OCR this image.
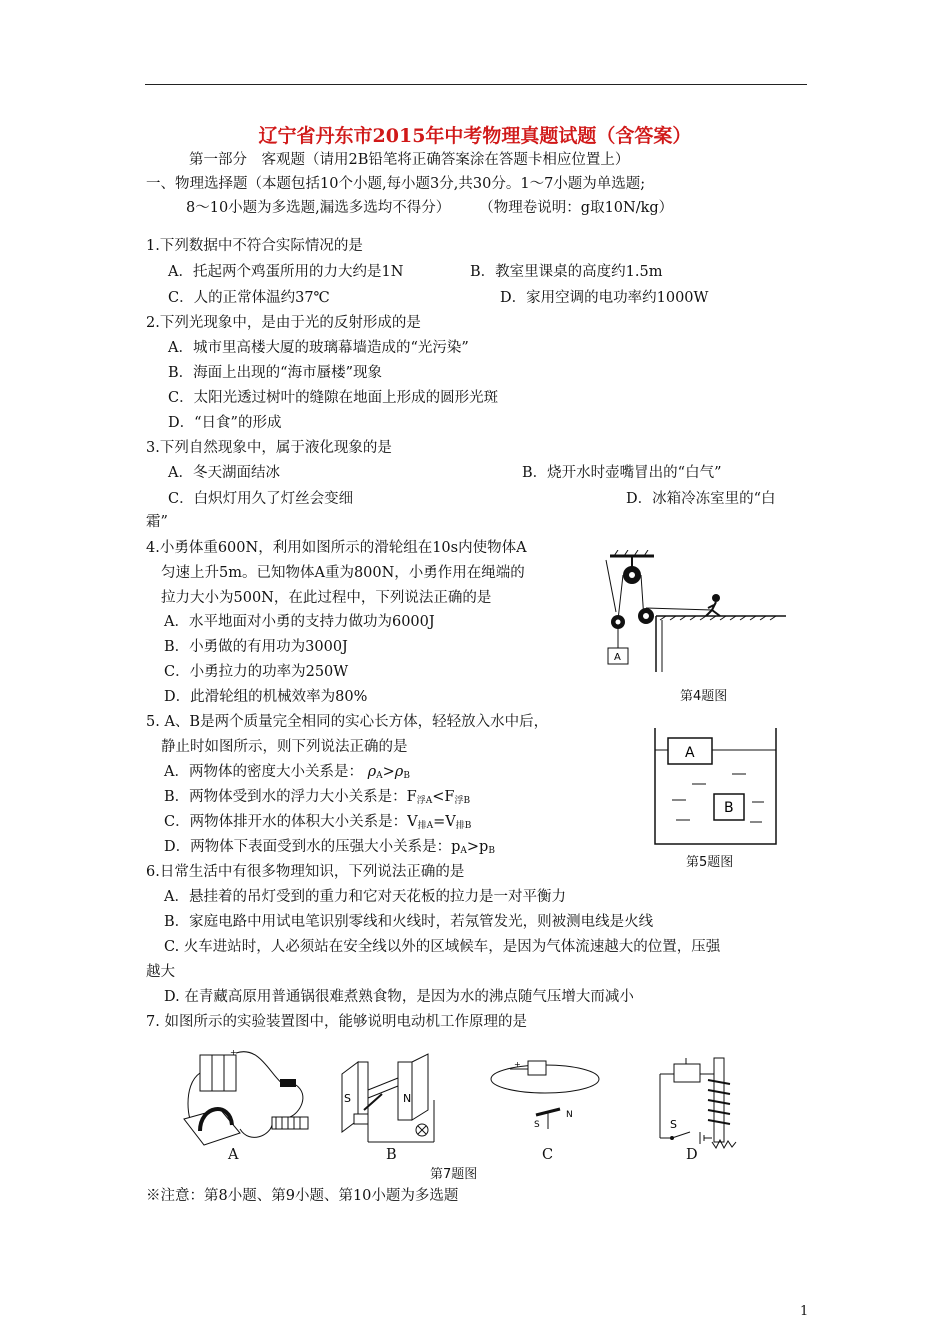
辽宁省丹东市2015年中考物理真题试题（含答案）
第一部分　客观题（请用2B铅笔将正确答案涂在答题卡相应位置上）
一、物理选择题（本题包括10个小题,每小题3分,共30分。1～7小题为单选题;
8～10小题为多选题,漏选多选均不得分）　　　（物理卷说明：g取10N/kg）
1.下列数据中不符合实际情况的是
A．托起两个鸡蛋所用的力大约是1N	B．教室里课桌的高度约1.5m
C．人的正常体温约37℃	D．家用空调的电功率约1000W
2.下列光现象中，是由于光的反射形成的是
A．城市里高楼大厦的玻璃幕墙造成的“光污染”
B．海面上出现的“海市蜃楼”现象
C．太阳光透过树叶的缝隙在地面上形成的圆形光斑
D．“日食”的形成
3.下列自然现象中，属于液化现象的是
A．冬天湖面结冰	B．烧开水时壶嘴冒出的“白气”
C．白炽灯用久了灯丝会变细	D．冰箱冷冻室里的“白
霜”
4.小勇体重600N，利用如图所示的滑轮组在10s内使物体A
匀速上升5m。已知物体A重为800N，小勇作用在绳端的
拉力大小为500N，在此过程中，下列说法正确的是
A．水平地面对小勇的支持力做功为6000J
B．小勇做的有用功为3000J
C．小勇拉力的功率为250W
D．此滑轮组的机械效率为80%
A
第4题图
5. A、B是两个质量完全相同的实心长方体，轻轻放入水中后，
静止时如图所示，则下列说法正确的是
A．两物体的密度大小关系是： $\rho_A>\rho_B$
B．两物体受到水的浮力大小关系是：$F_{浮A}<F_{浮B}$
C．两物体排开水的体积大小关系是：$V_{排A}=V_{排B}$
D．两物体下表面受到水的压强大小关系是：$p_A>p_B$
A
B
第5题图
6.日常生活中有很多物理知识，下列说法正确的是
A．悬挂着的吊灯受到的重力和它对天花板的拉力是一对平衡力
B．家庭电路中用试电笔识别零线和火线时，若氖管发光，则被测电线是火线
C. 火车进站时，人必须站在安全线以外的区域候车，是因为气体流速越大的位置，压强
越大
D. 在青藏高原用普通锅很难煮熟食物，是因为水的沸点随气压增大而减小
7. 如图所示的实验装置图中，能够说明电动机工作原理的是
+
A
S	N
B
+
S
N
C
S
D
第7题图
※注意：第8小题、第9小题、第10小题为多选题
1
